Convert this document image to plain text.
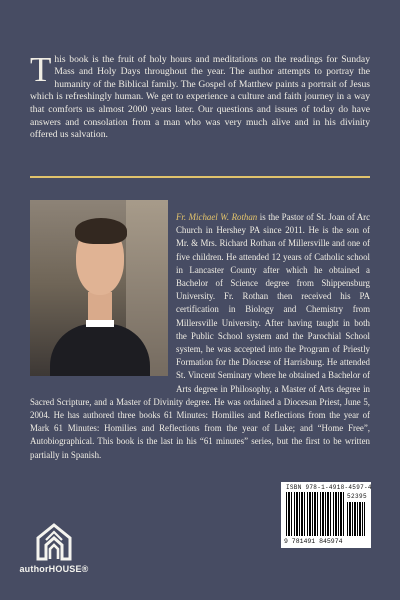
T his book is the fruit of holy hours and meditations on the readings for Sunday Mass and Holy Days throughout the year. The author attempts to portray the humanity of the Biblical family. The Gospel of Matthew paints a portrait of Jesus which is refreshingly human. We get to experience a culture and faith journey in a way that comforts us almost 2000 years later. Our questions and issues of today do have answers and consolation from a man who was very much alive and in his divinity offered us salvation.

Fr. Michael W. Rothan is the Pastor of St. Joan of Arc Church in Hershey PA since 2011. He is the son of Mr. & Mrs. Richard Rothan of Millersville and one of five children. He attended 12 years of Catholic school in Lancaster County after which he obtained a Bachelor of Science degree from Shippensburg University. Fr. Rothan then received his PA certification in Biology and Chemistry from Millersville University. After having taught in both the Public School system and the Parochial School system, he was accepted into the Program of Priestly Formation for the Diocese of Harrisburg. He attended St. Vincent Seminary where he obtained a Bachelor of Arts degree in Philosophy, a Master of Arts degree in Sacred Scripture, and a Master of Divinity degree. He was ordained a Diocesan Priest, June 5, 2004. He has authored three books 61 Minutes: Homilies and Reflections from the year of Mark 61 Minutes: Homilies and Reflections from the year of Luke; and “Home Free”, Autobiographical. This book is the last in his “61 minutes” series, but the first to be written partially in Spanish.

ISBN 978-1-4918-4597-4
52395
9 781491 845974
authorHOUSE®
